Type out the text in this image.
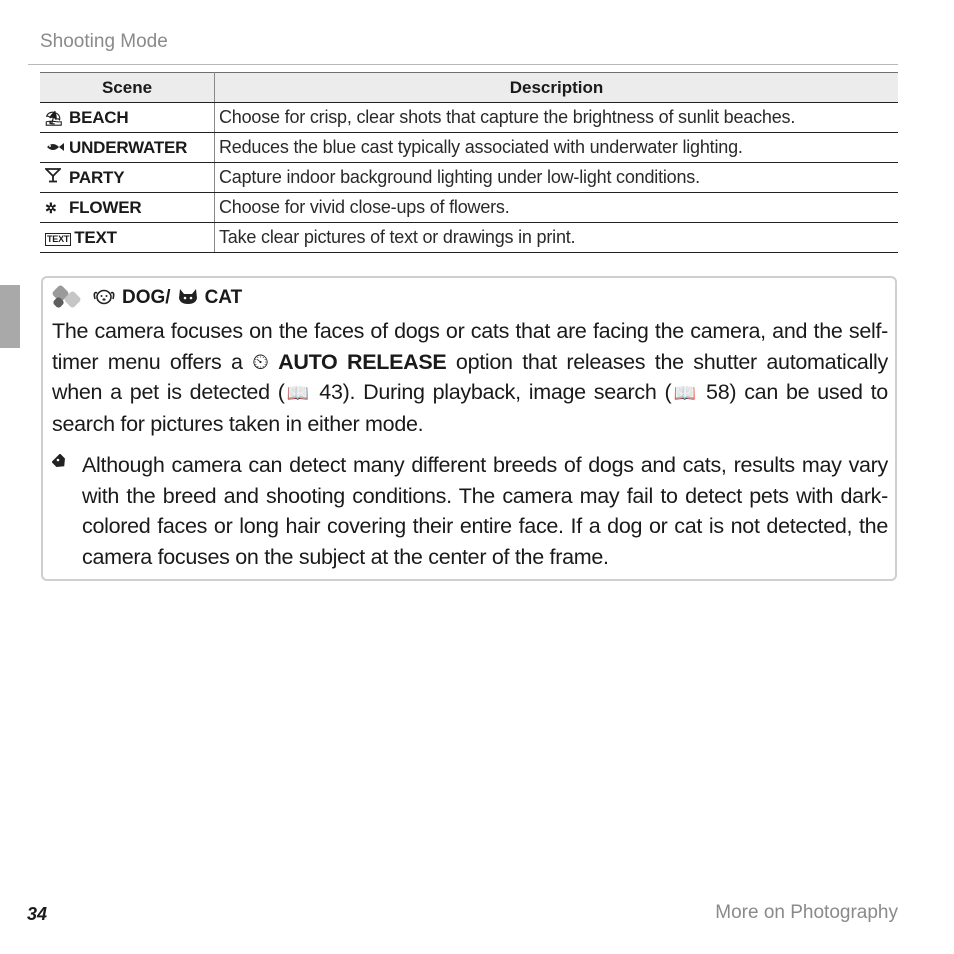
Shooting Mode
Scene	Description
⛱ BEACH	Choose for crisp, clear shots that capture the brightness of sunlit beaches.
UNDERWATER	Reduces the blue cast typically associated with underwater lighting.
PARTY	Capture indoor background lighting under low-light conditions.
✲ FLOWER	Choose for vivid close-ups of flowers.
TEXT TEXT	Take clear pictures of text or drawings in print.
DOG/ CAT
The camera focuses on the faces of dogs or cats that are facing the camera, and the self-timer menu offers a ⏲ AUTO RELEASE option that releases the shutter automatically when a pet is detected (📖 43). During playback, image search (📖 58) can be used to search for pictures taken in either mode.
Although camera can detect many different breeds of dogs and cats, results may vary with the breed and shooting conditions. The camera may fail to detect pets with dark-colored faces or long hair covering their entire face. If a dog or cat is not detected, the camera focuses on the subject at the center of the frame.
34	More on Photography
